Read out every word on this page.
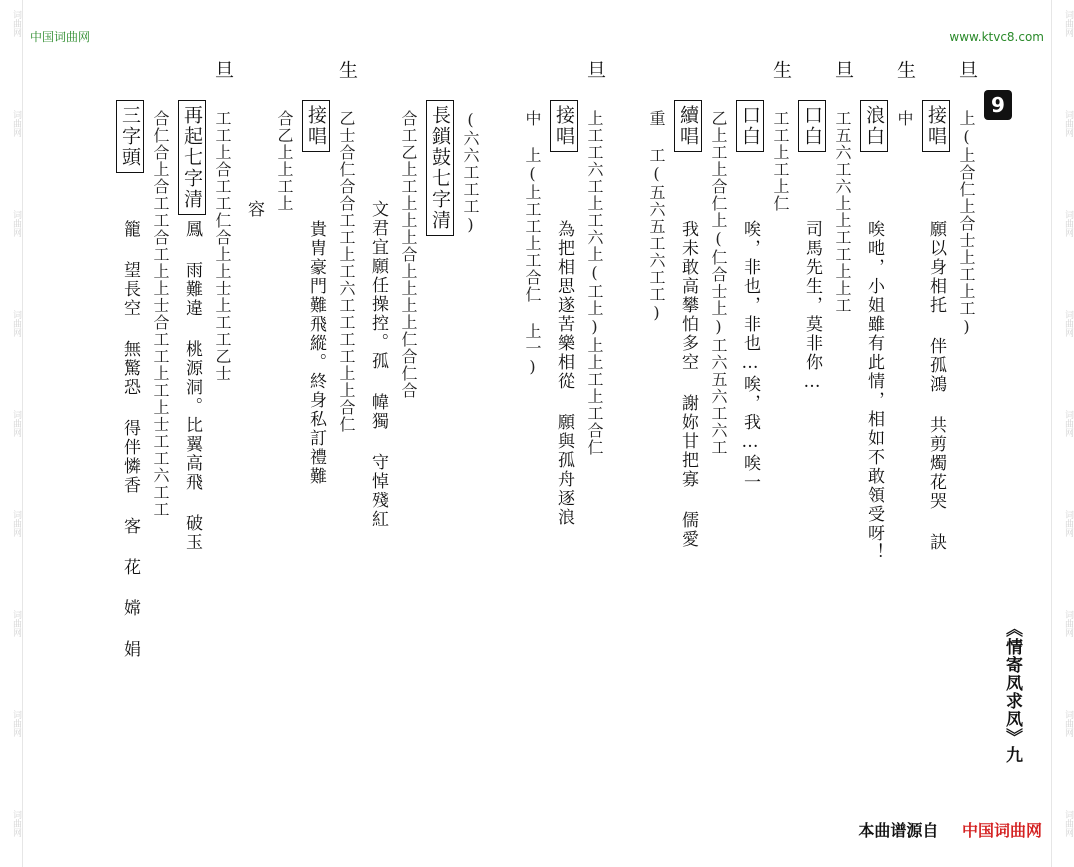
词曲网
词曲网
词曲网
词曲网
词曲网
词曲网
词曲网
词曲网
词曲网
词曲网
词曲网
词曲网
词曲网
词曲网
词曲网
词曲网
词曲网
词曲网
中国词曲网	www.ktvc8.com
9
《情寄凤求凤》九
旦
接唱 上(上合仁上合士上工上工)
願以身相托 伴孤鴻 共剪燭花哭 訣
生
浪白 中
唉吔，小姐雖有此情，相如不敢領受呀！
旦
口白 工五六工六上上工工上上工
司馬先生，莫非你…
生
口白 工工上工上仁
唉，非也，非也…唉，我…唉一
續唱 乙上工上合仁上(仁合士上)工六五六工六工
我未敢高攀怕多空 謝妳甘把寡 儒愛
重 工(五六五工六工工)
旦
接唱 上工工六工上工六上(工上)上上工上工合仁
為把相思遂苦樂相從 願與孤舟逐浪
中 上(上工工上工合仁 上一)
長鎖鼓七字清 (六六工工工)
合工乙上工上上上合上上上上仁合仁合
文君宜願任操控。孤 幃獨 守悼殘紅
生
接唱 乙士合仁合合工工上工六工工工工上上合仁
貴胄豪門難飛縱。終身私訂禮難
合乙上上工上
容
旦
再起七字清 工工上合工工仁合上上士上工工乙士
鳳 雨難違 桃源洞。比翼高飛 破玉
三字頭 合仁合上合工工合工上上士合工工上工上士工工六工工
籠 望長空 無驚恐 得伴憐香 客 花 嫦 娟
本曲谱源自 中国词曲网
